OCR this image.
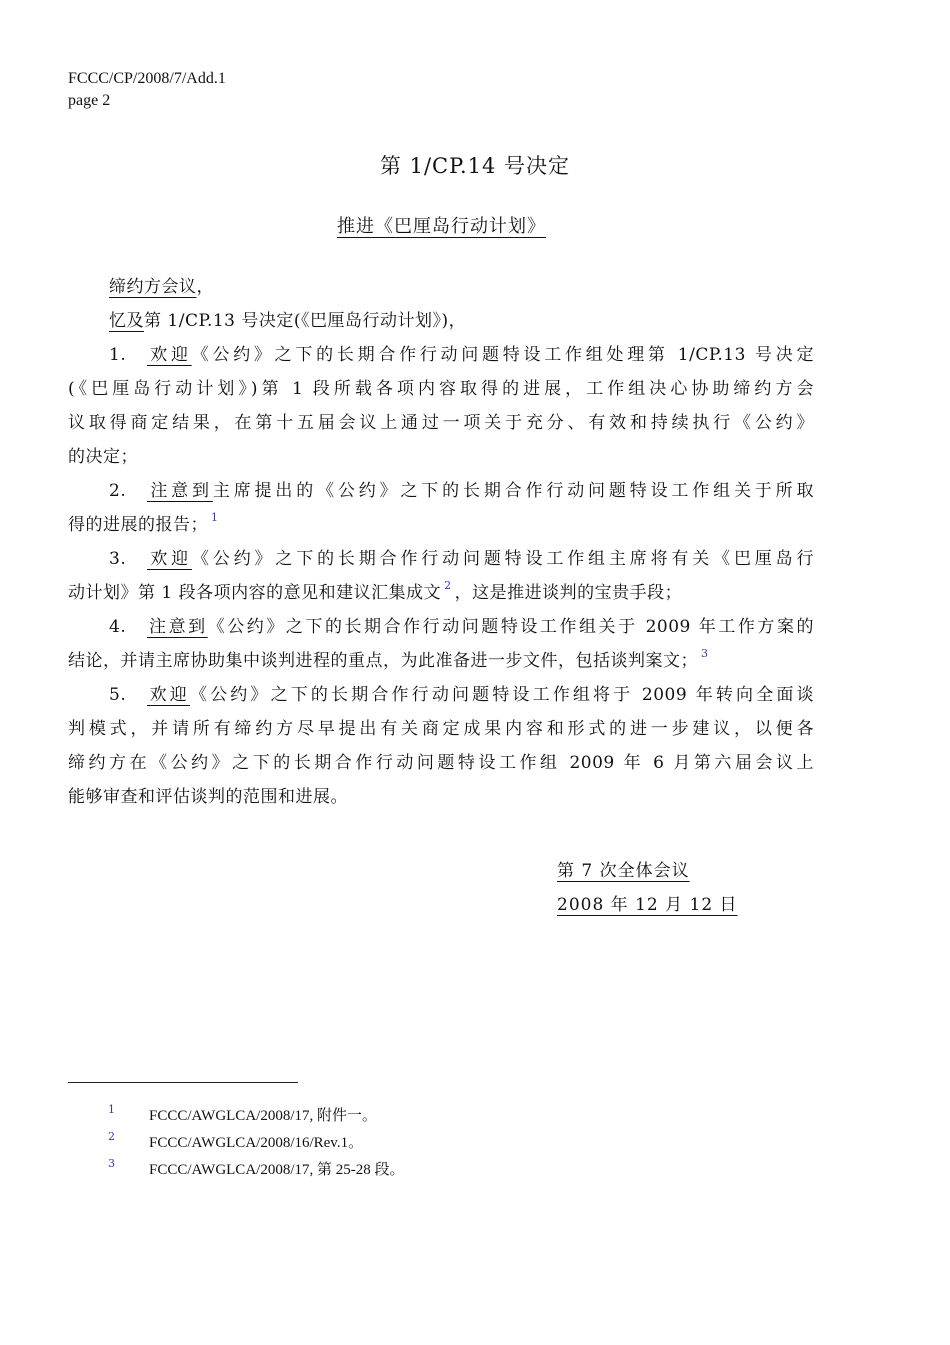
FCCC/CP/2008/7/Add.1
page 2
第 1/CP.14 号决定
推进《巴厘岛行动计划》
缔约方会议，
忆及第 1/CP.13 号决定(《巴厘岛行动计划》)，
1. 欢迎《公约》之下的长期合作行动问题特设工作组处理第 1/CP.13 号决定
(《巴厘岛行动计划》)第 1 段所载各项内容取得的进展，工作组决心协助缔约方会
议取得商定结果，在第十五届会议上通过一项关于充分、有效和持续执行《公约》
的决定；
2. 注意到主席提出的《公约》之下的长期合作行动问题特设工作组关于所取
得的进展的报告； $^1$
3. 欢迎《公约》之下的长期合作行动问题特设工作组主席将有关《巴厘岛行
动计划》第 1 段各项内容的意见和建议汇集成文 $^2$ ，这是推进谈判的宝贵手段；
4. 注意到《公约》之下的长期合作行动问题特设工作组关于 2009 年工作方案的
结论，并请主席协助集中谈判进程的重点，为此准备进一步文件，包括谈判案文； $^3$
5. 欢迎《公约》之下的长期合作行动问题特设工作组将于 2009 年转向全面谈
判模式，并请所有缔约方尽早提出有关商定成果内容和形式的进一步建议，以便各
缔约方在《公约》之下的长期合作行动问题特设工作组 2009 年 6 月第六届会议上
能够审查和评估谈判的范围和进展。
第 7 次全体会议
2008 年 12 月 12 日
1 FCCC/AWGLCA/2008/17, 附件一。
2 FCCC/AWGLCA/2008/16/Rev.1。
3 FCCC/AWGLCA/2008/17, 第 25-28 段。
